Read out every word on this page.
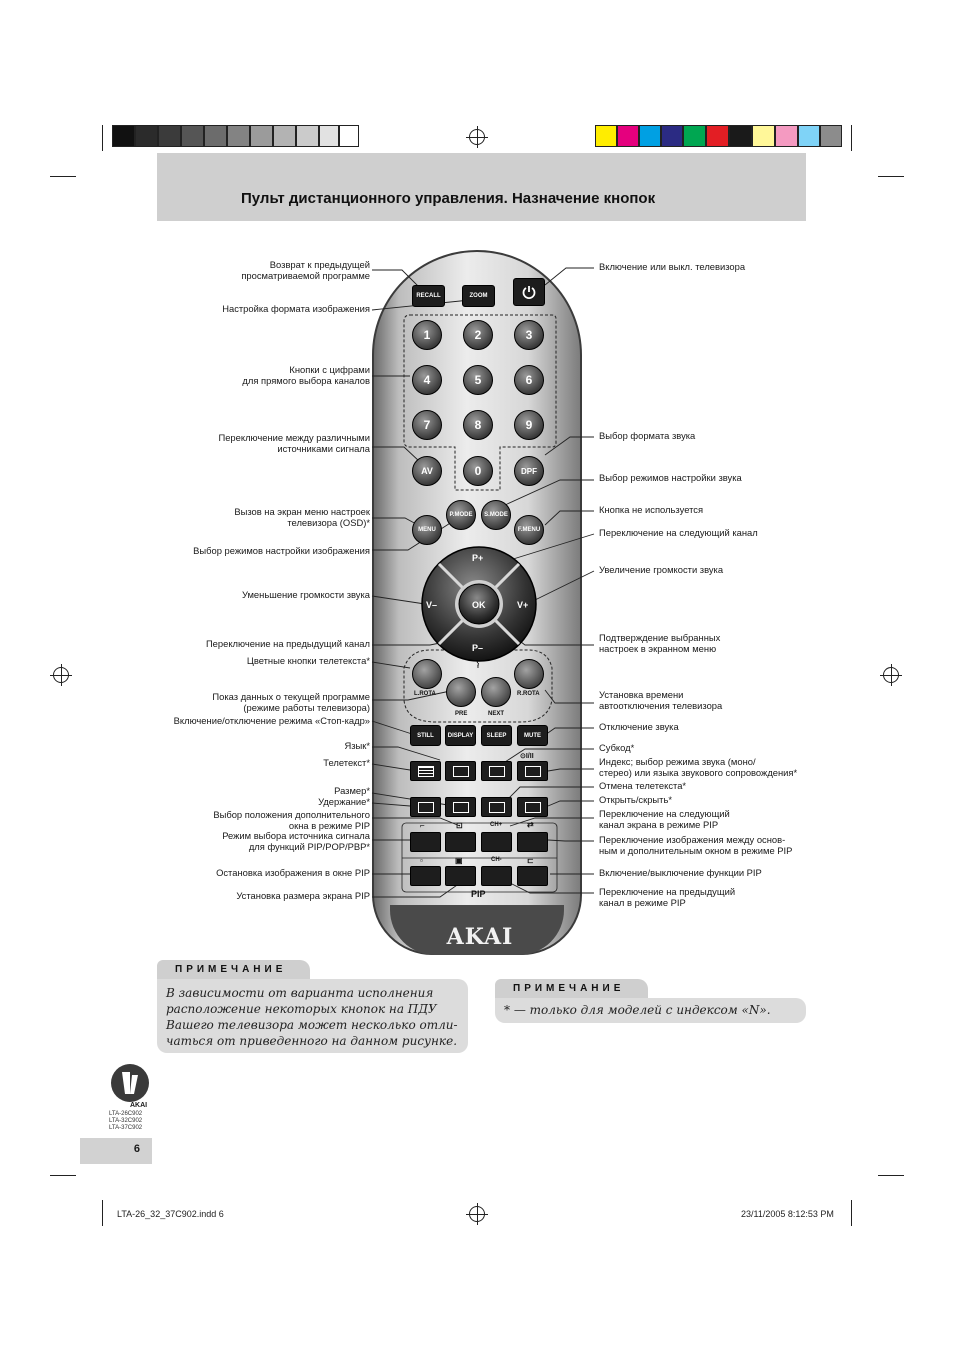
Пульт дистанционного управления. Назначение кнопок
AKAI
RECALL	ZOOM
1	2	3
4	5	6
7	8	9
AV	0	DPF
MENU
P.MODE	S.MODE
F.MENU
P+
P–
V–	V+
OK
L.ROTA	R.ROTA
PRE	NEXT
STILL	DISPLAY	SLEEP	MUTE
⊙I/II
CH+
⌐	⊡	⇄
CH-
▫	▣	⊏
PIP
Возврат к предыдущей
просматриваемой программе
Настройка формата изображения
Кнопки с цифрами
для прямого выбора каналов
Переключение между различными
источниками сигнала
Вызов на экран меню настроек
телевизора (OSD)*
Выбор режимов настройки изображения
Уменьшение громкости звука
Переключение на предыдущий канал
Цветные кнопки телетекста*
Показ данных о текущей программе
(режиме работы телевизора)
Включение/отключение режима «Стоп-кадр»
Язык*
Телетекст*
Размер*
Удержание*
Выбор положения дополнительного
окна в режиме PIP
Режим выбора источника сигнала
для функций PIP/POP/PBP*
Остановка изображения в окне PIP
Установка размера экрана PIP
Включение или выкл. телевизора
Выбор формата звука
Выбор режимов настройки звука
Кнопка не используется
Переключение на следующий канал
Увеличение громкости звука
Подтверждение выбранных
настроек в экранном меню
Установка времени
автоотключения телевизора
Отключение звука
Субкод*
Индекс; выбор режима звука (моно/
стерео) или языка звукового сопровождения*
Отмена телетекста*
Открыть/скрыть*
Переключение на следующий
канал экрана в режиме PIP
Переключение изображения между основ-
ным и дополнительным окном в режиме PIP
Включение/выключение функции PIP
Переключение на предыдущий
канал в режиме PIP
ПРИМЕЧАНИЕ
В зависимости от варианта исполнения
расположение некоторых кнопок на ПДУ
Вашего телевизора может несколько отли-
чаться от приведенного на данном рисунке.
ПРИМЕЧАНИЕ
* — только для моделей с индексом «N».
AKAI
LTA-26C902
LTA-32C902
LTA-37C902
6
LTA-26_32_37C902.indd 6	23/11/2005 8:12:53 PM
